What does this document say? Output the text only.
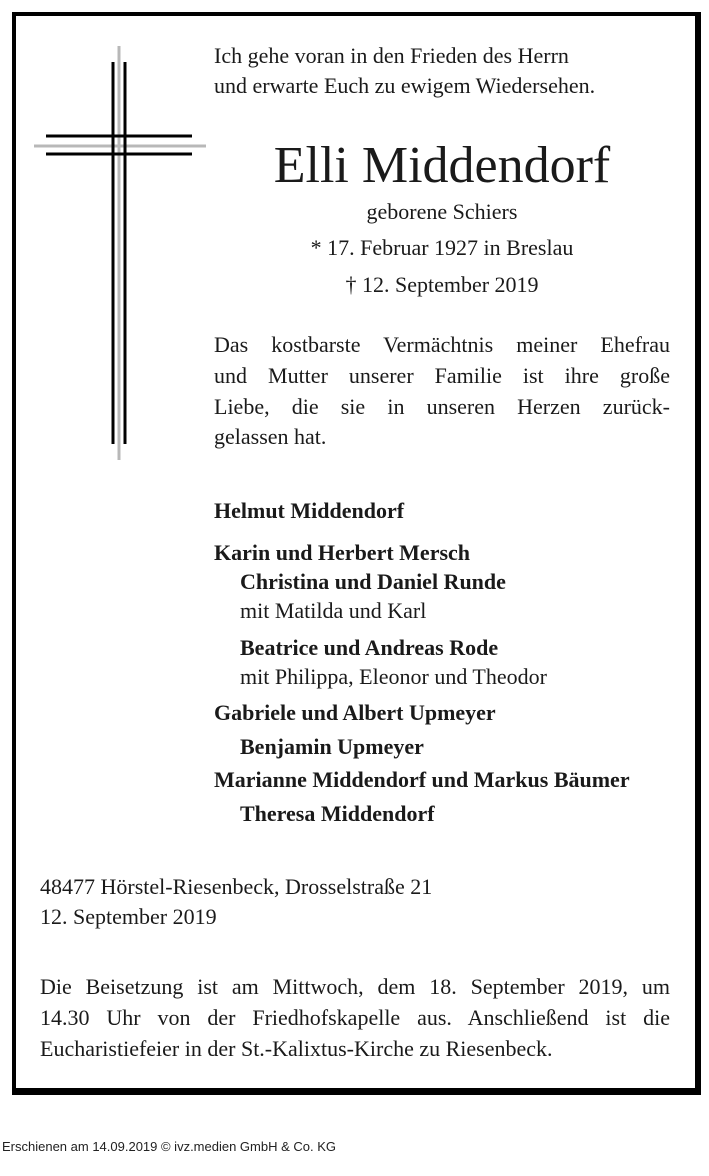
Ich gehe voran in den Frieden des Herrn
und erwarte Euch zu ewigem Wiedersehen.
Elli Middendorf
geborene Schiers
* 17. Februar 1927 in Breslau
† 12. September 2019
Das kostbarste Vermächtnis meiner Ehefrau
und Mutter unserer Familie ist ihre große
Liebe, die sie in unseren Herzen zurück-
gelassen hat.
Helmut Middendorf
Karin und Herbert Mersch
Christina und Daniel Runde
mit Matilda und Karl
Beatrice und Andreas Rode
mit Philippa, Eleonor und Theodor
Gabriele und Albert Upmeyer
Benjamin Upmeyer
Marianne Middendorf und Markus Bäumer
Theresa Middendorf
48477 Hörstel-Riesenbeck, Drosselstraße 21
12. September 2019
Die Beisetzung ist am Mittwoch, dem 18. September 2019, um
14.30 Uhr von der Friedhofskapelle aus. Anschließend ist die
Eucharistiefeier in der St.-Kalixtus-Kirche zu Riesenbeck.
Erschienen am 14.09.2019 © ivz.medien GmbH & Co. KG
